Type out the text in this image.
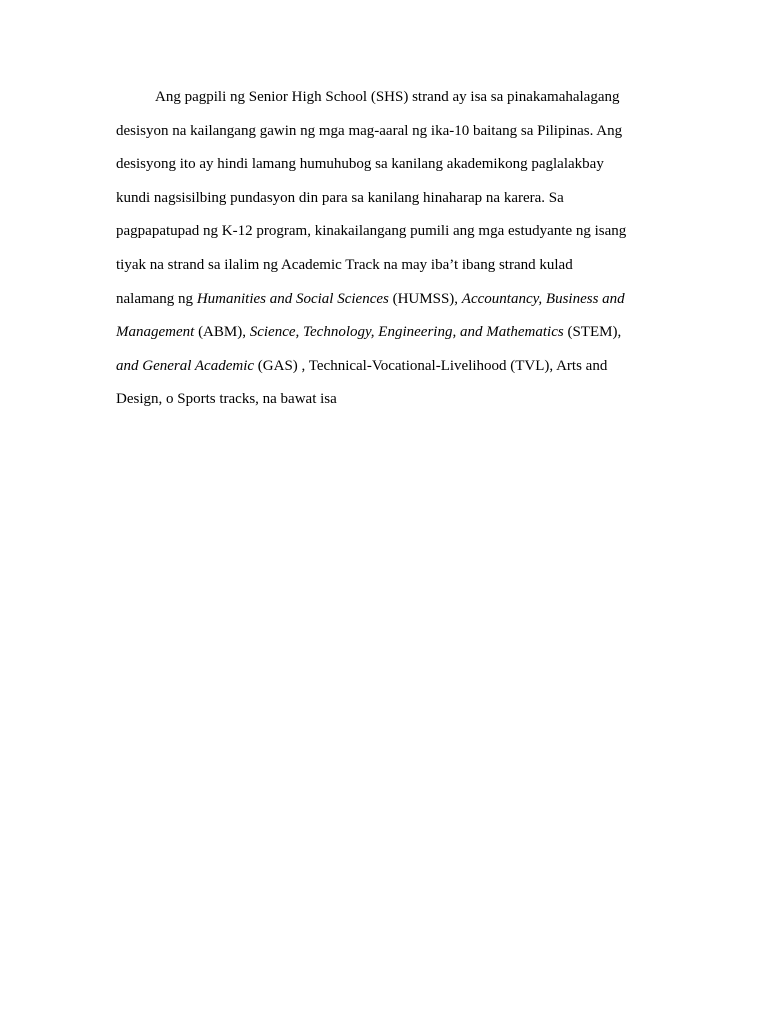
Ang pagpili ng Senior High School (SHS) strand ay isa sa pinakamahalagang
desisyon na kailangang gawin ng mga mag-aaral ng ika-10 baitang sa Pilipinas. Ang
desisyong ito ay hindi lamang humuhubog sa kanilang akademikong paglalakbay
kundi nagsisilbing pundasyon din para sa kanilang hinaharap na karera. Sa
pagpapatupad ng K-12 program, kinakailangang pumili ang mga estudyante ng isang
tiyak na strand sa ilalim ng Academic Track na may iba’t ibang strand kulad
nalamang ng Humanities and Social Sciences (HUMSS), Accountancy, Business and
Management (ABM), Science, Technology, Engineering, and Mathematics (STEM),
and General Academic (GAS) , Technical-Vocational-Livelihood (TVL), Arts and
Design, o Sports tracks, na bawat isa
